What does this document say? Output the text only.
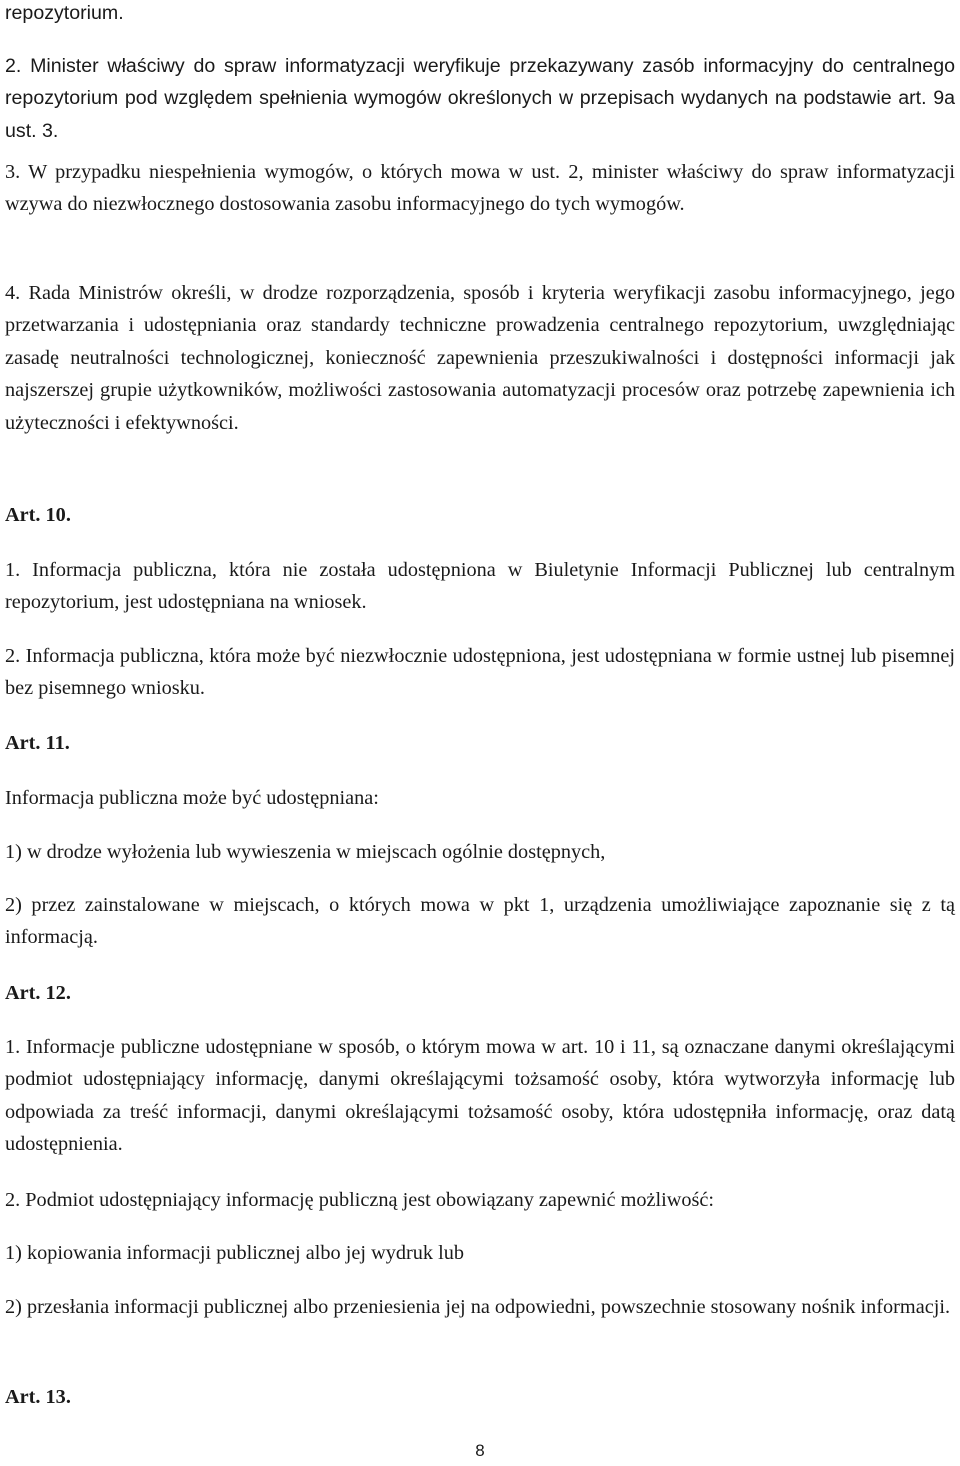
repozytorium.

2. Minister właściwy do spraw informatyzacji weryfikuje przekazywany zasób informacyjny do centralnego repozytorium pod względem spełnienia wymogów określonych w przepisach wydanych na podstawie art. 9a ust. 3.

3. W przypadku niespełnienia wymogów, o których mowa w ust. 2, minister właściwy do spraw informatyzacji wzywa do niezwłocznego dostosowania zasobu informacyjnego do tych wymogów.

4. Rada Ministrów określi, w drodze rozporządzenia, sposób i kryteria weryfikacji zasobu informacyjnego, jego przetwarzania i udostępniania oraz standardy techniczne prowadzenia centralnego repozytorium, uwzględniając zasadę neutralności technologicznej, konieczność zapewnienia przeszukiwalności i dostępności informacji jak najszerszej grupie użytkowników, możliwości zastosowania automatyzacji procesów oraz potrzebę zapewnienia ich użyteczności i efektywności.

Art. 10.

1. Informacja publiczna, która nie została udostępniona w Biuletynie Informacji Publicznej lub centralnym repozytorium, jest udostępniana na wniosek.

2. Informacja publiczna, która może być niezwłocznie udostępniona, jest udostępniana w formie ustnej lub pisemnej bez pisemnego wniosku.

Art. 11.

Informacja publiczna może być udostępniana:

1) w drodze wyłożenia lub wywieszenia w miejscach ogólnie dostępnych,

2) przez zainstalowane w miejscach, o których mowa w pkt 1, urządzenia umożliwiające zapoznanie się z tą informacją.

Art. 12.

1. Informacje publiczne udostępniane w sposób, o którym mowa w art. 10 i 11, są oznaczane danymi określającymi podmiot udostępniający informację, danymi określającymi tożsamość osoby, która wytworzyła informację lub odpowiada za treść informacji, danymi określającymi tożsamość osoby, która udostępniła informację, oraz datą udostępnienia.

2. Podmiot udostępniający informację publiczną jest obowiązany zapewnić możliwość:

1) kopiowania informacji publicznej albo jej wydruk lub

2) przesłania informacji publicznej albo przeniesienia jej na odpowiedni, powszechnie stosowany nośnik informacji.

Art. 13.

8
